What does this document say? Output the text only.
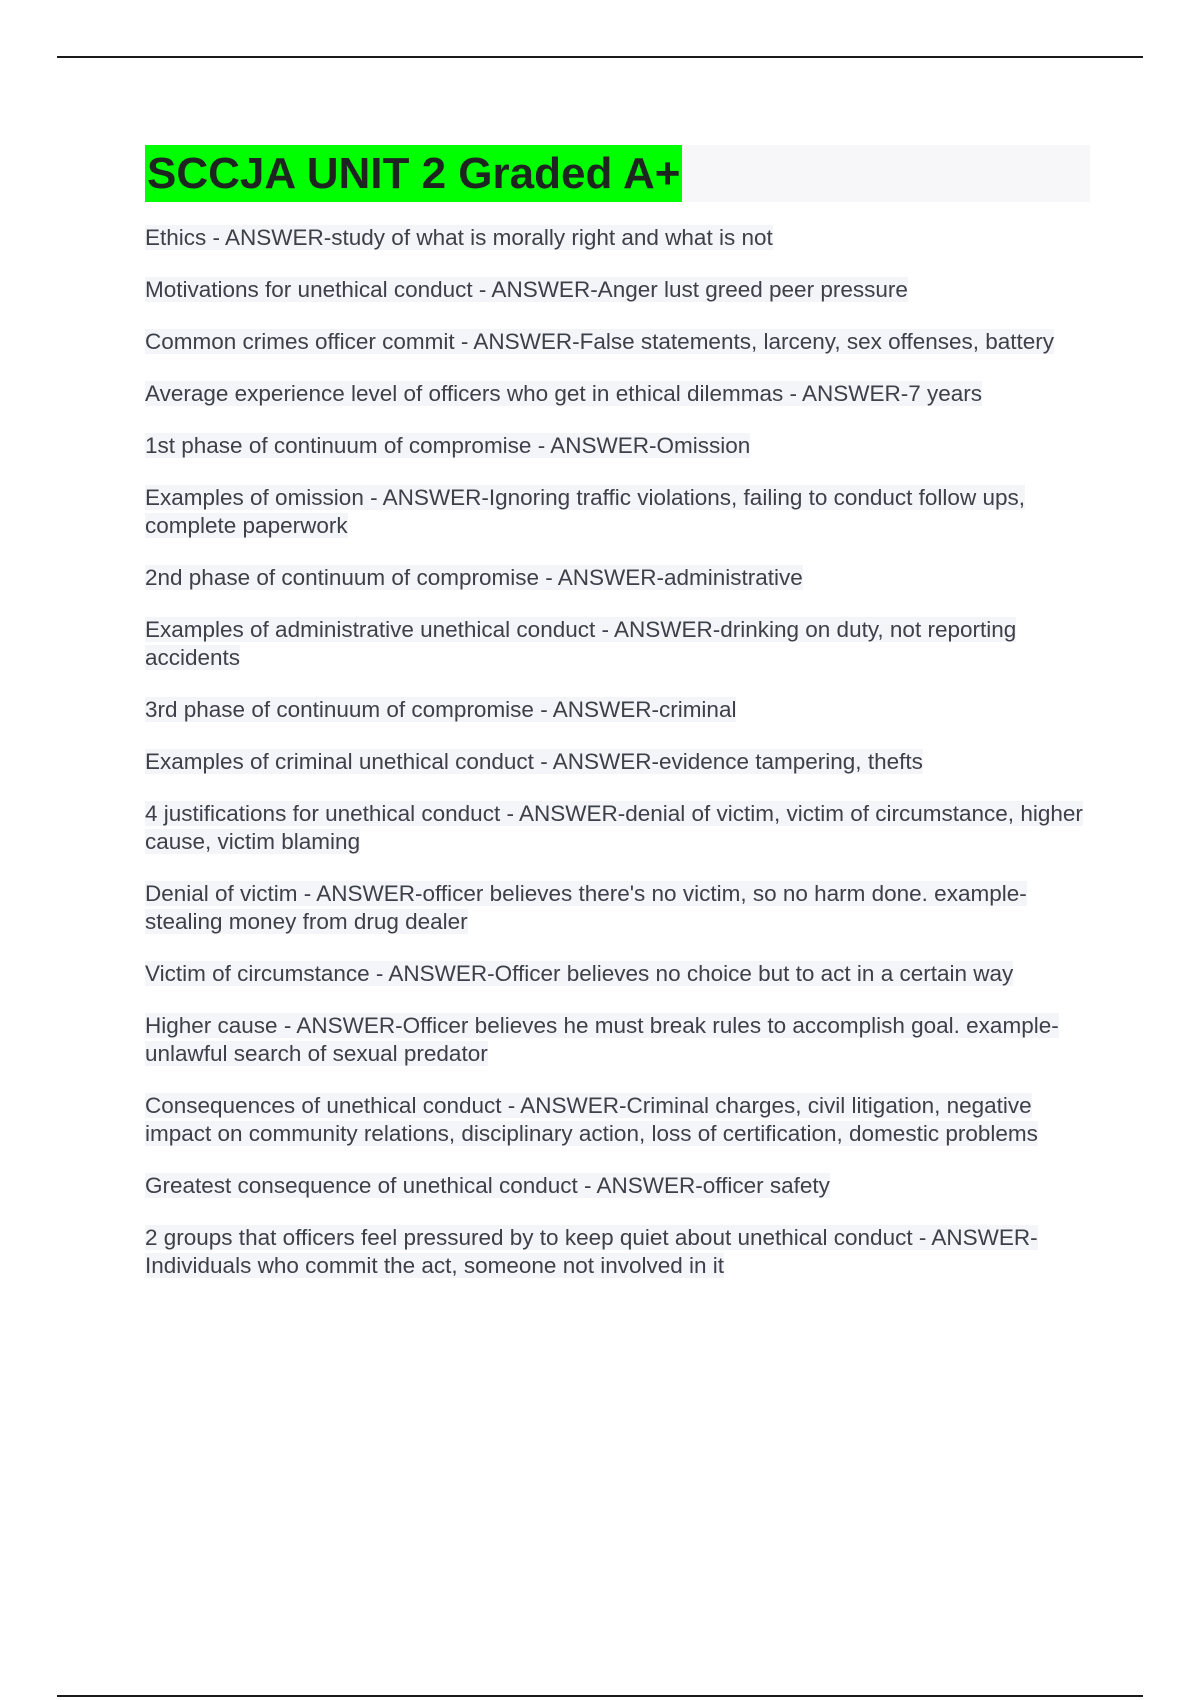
SCCJA UNIT 2 Graded A+
Ethics - ANSWER-study of what is morally right and what is not
Motivations for unethical conduct - ANSWER-Anger lust greed peer pressure
Common crimes officer commit - ANSWER-False statements, larceny, sex offenses, battery
Average experience level of officers who get in ethical dilemmas - ANSWER-7 years
1st phase of continuum of compromise - ANSWER-Omission
Examples of omission - ANSWER-Ignoring traffic violations, failing to conduct follow ups, complete paperwork
2nd phase of continuum of compromise - ANSWER-administrative
Examples of administrative unethical conduct - ANSWER-drinking on duty, not reporting accidents
3rd phase of continuum of compromise - ANSWER-criminal
Examples of criminal unethical conduct - ANSWER-evidence tampering, thefts
4 justifications for unethical conduct - ANSWER-denial of victim, victim of circumstance, higher cause, victim blaming
Denial of victim - ANSWER-officer believes there's no victim, so no harm done. example- stealing money from drug dealer
Victim of circumstance - ANSWER-Officer believes no choice but to act in a certain way
Higher cause - ANSWER-Officer believes he must break rules to accomplish goal. example- unlawful search of sexual predator
Consequences of unethical conduct - ANSWER-Criminal charges, civil litigation, negative impact on community relations, disciplinary action, loss of certification, domestic problems
Greatest consequence of unethical conduct - ANSWER-officer safety
2 groups that officers feel pressured by to keep quiet about unethical conduct - ANSWER-Individuals who commit the act, someone not involved in it
